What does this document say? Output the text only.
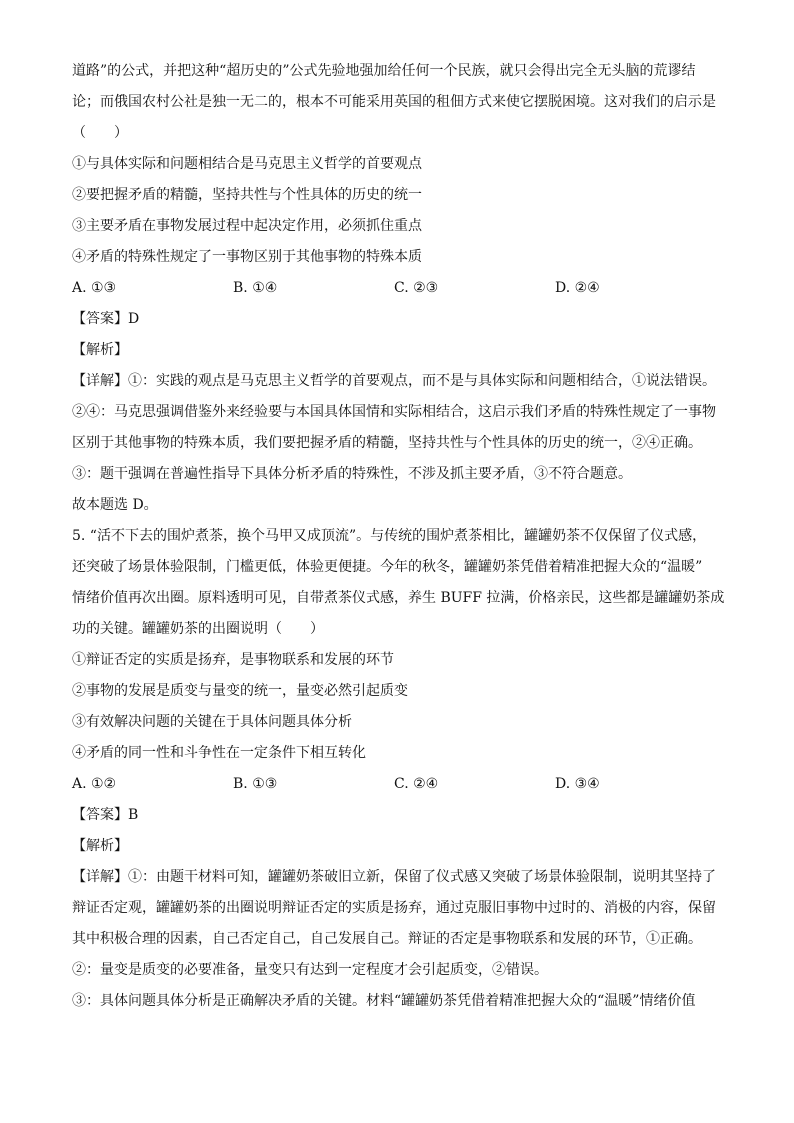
道路”的公式，并把这种“超历史的”公式先验地强加给任何一个民族，就只会得出完全无头脑的荒谬结
论；而俄国农村公社是独一无二的，根本不可能采用英国的租佃方式来使它摆脱困境。这对我们的启示是
（　　）
①与具体实际和问题相结合是马克思主义哲学的首要观点
②要把握矛盾的精髓，坚持共性与个性具体的历史的统一
③主要矛盾在事物发展过程中起决定作用，必须抓住重点
④矛盾的特殊性规定了一事物区别于其他事物的特殊本质
A. ①③	B. ①④	C. ②③	D. ②④
【答案】D
【解析】
【详解】①：实践的观点是马克思主义哲学的首要观点，而不是与具体实际和问题相结合，①说法错误。
②④：马克思强调借鉴外来经验要与本国具体国情和实际相结合，这启示我们矛盾的特殊性规定了一事物
区别于其他事物的特殊本质，我们要把握矛盾的精髓，坚持共性与个性具体的历史的统一，②④正确。
③：题干强调在普遍性指导下具体分析矛盾的特殊性，不涉及抓主要矛盾，③不符合题意。
故本题选 D。
5. “活不下去的围炉煮茶，换个马甲又成顶流”。与传统的围炉煮茶相比，罐罐奶茶不仅保留了仪式感，
还突破了场景体验限制，门槛更低，体验更便捷。今年的秋冬，罐罐奶茶凭借着精准把握大众的“温暖”
情绪价值再次出圈。原料透明可见，自带煮茶仪式感，养生 BUFF 拉满，价格亲民，这些都是罐罐奶茶成
功的关键。罐罐奶茶的出圈说明（　　）
①辩证否定的实质是扬弃，是事物联系和发展的环节
②事物的发展是质变与量变的统一，量变必然引起质变
③有效解决问题的关键在于具体问题具体分析
④矛盾的同一性和斗争性在一定条件下相互转化
A. ①②	B. ①③	C. ②④	D. ③④
【答案】B
【解析】
【详解】①：由题干材料可知，罐罐奶茶破旧立新，保留了仪式感又突破了场景体验限制，说明其坚持了
辩证否定观，罐罐奶茶的出圈说明辩证否定的实质是扬弃，通过克服旧事物中过时的、消极的内容，保留
其中积极合理的因素，自己否定自己，自己发展自己。辩证的否定是事物联系和发展的环节，①正确。
②：量变是质变的必要准备，量变只有达到一定程度才会引起质变，②错误。
③：具体问题具体分析是正确解决矛盾的关键。材料“罐罐奶茶凭借着精准把握大众的“温暖”情绪价值
